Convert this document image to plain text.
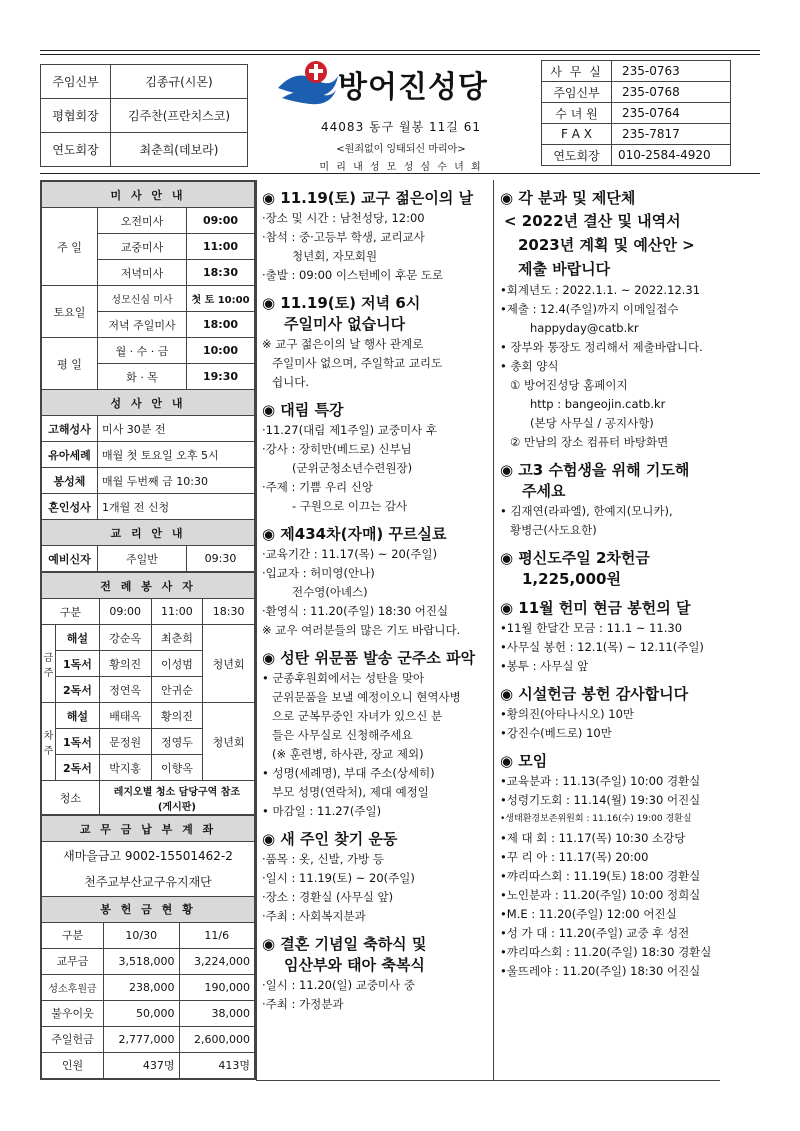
주임신부	김종규(시몬)
평협회장	김주찬(프란치스코)
연도회장	최춘희(데보라)
방어진성당
44083 동구 월봉 11길 61
<원죄없이 잉태되신 마리아>
미 리 내 성 모 성 심 수 녀 회
사 무 실	235-0763
주임신부	235-0768
수 녀 원	235-0764
F A X	235-7817
연도회장	010-2584-4920
미 사 안 내		
주 일	오전미사	09:00
	교중미사	11:00
	저녁미사	18:30
토요일	성모신심 미사	첫 토 10:00
	저녁 주일미사	18:00
평 일	월 · 수 · 금	10:00
	화 · 목	19:30
성 사 안 내		
고해성사	미사 30분 전	
유아세례	매월 첫 토요일 오후 5시	
봉성체	매월 두번째 금 10:30	
혼인성사	1개월 전 신청	
교 리 안 내		
예비신자	주일반	09:30
전 례 봉 사 자				
구분		09:00	11:00	18:30
금주	해설	강순옥	최춘희	청년회
	1독서	황의진	이성범	
	2독서	정연옥	안귀순	
차주	해설	배태옥	황의진	청년회
	1독서	문정원	정영두	
	2독서	박지홍	이향옥	
청소		레지오별 청소 담당구역 참조
(게시판)		
교 무 금 납 부 계 좌

새마을금고 9002-15501462-2
천주교부산교구유지재단
봉 헌 금 현 황		
구분	10/30	11/6
교무금	3,518,000	3,224,000
성소후원금	238,000	190,000
불우이웃	50,000	38,000
주일헌금	2,777,000	2,600,000
인원	437명	413명
◉ 11.19(토) 교구 젊은이의 날
·장소 및 시간 : 남천성당, 12:00
·참석 : 중·고등부 학생, 교리교사
청년회, 자모회원
·출발 : 09:00 이스턴베이 후문 도로
◉ 11.19(토) 저녁 6시
주일미사 없습니다
※ 교구 젊은이의 날 행사 관계로
주일미사 없으며, 주일학교 교리도
쉽니다.
◉ 대림 특강
·11.27(대림 제1주일) 교중미사 후
·강사 : 장히만(베드로) 신부님
(군위군청소년수련원장)
·주제 : 기쁨 우리 신앙
- 구원으로 이끄는 감사
◉ 제434차(자매) 꾸르실료
·교육기간 : 11.17(목) ~ 20(주일)
·입교자 : 허미영(안나)
전수영(아녜스)
·환영식 : 11.20(주일) 18:30 어진실
※ 교우 여러분들의 많은 기도 바랍니다.
◉ 성탄 위문품 발송 군주소 파악
• 군종후원회에서는 성탄을 맞아
군위문품을 보낼 예정이오니 현역사병
으로 군복무중인 자녀가 있으신 분
들은 사무실로 신청해주세요
(※ 훈련병, 하사관, 장교 제외)
• 성명(세례명), 부대 주소(상세히)
부모 성명(연락처), 제대 예정일
• 마감일 : 11.27(주일)
◉ 새 주인 찾기 운동
·품목 : 옷, 신발, 가방 등
·일시 : 11.19(토) ~ 20(주일)
·장소 : 경환실 (사무실 앞)
·주최 : 사회복지분과
◉ 결혼 기념일 축하식 및
임산부와 태아 축복식
·일시 : 11.20(일) 교중미사 중
·주최 : 가정분과
◉ 각 분과 및 제단체
< 2022년 결산 및 내역서
2023년 계획 및 예산안 >
제출 바랍니다
•회계년도 : 2022.1.1. ~ 2022.12.31
•제출 : 12.4(주일)까지 이메일접수
happyday@catb.kr
• 장부와 통장도 정리해서 제출바랍니다.
• 총회 양식
① 방어진성당 홈페이지
http : bangeojin.catb.kr
(본당 사무실 / 공지사항)
② 만남의 장소 컴퓨터 바탕화면
◉ 고3 수험생을 위해 기도해
주세요
• 김재연(라파엘), 한예지(모니카),
황병근(사도요한)
◉ 평신도주일 2차헌금
1,225,000원
◉ 11월 헌미 현금 봉헌의 달
•11월 한달간 모금 : 11.1 ~ 11.30
•사무실 봉헌 : 12.1(목) ~ 12.11(주일)
•봉투 : 사무실 앞
◉ 시설헌금 봉헌 감사합니다
•황의진(아타나시오) 10만
•강진수(베드로) 10만
◉ 모임
•교육분과 : 11.13(주일) 10:00 경환실
•성령기도회 : 11.14(월) 19:30 어진실
•생태환경보존위원회 : 11.16(수) 19:00 경환실
•제 대 회 : 11.17(목) 10:30 소강당
•꾸 리 아 : 11.17(목) 20:00
•꺄리따스회 : 11.19(토) 18:00 경환실
•노인분과 : 11.20(주일) 10:00 정희실
•M.E : 11.20(주일) 12:00 어진실
•성 가 대 : 11.20(주일) 교중 후 성전
•꺄리따스회 : 11.20(주일) 18:30 경환실
•울뜨레야 : 11.20(주일) 18:30 어진실
